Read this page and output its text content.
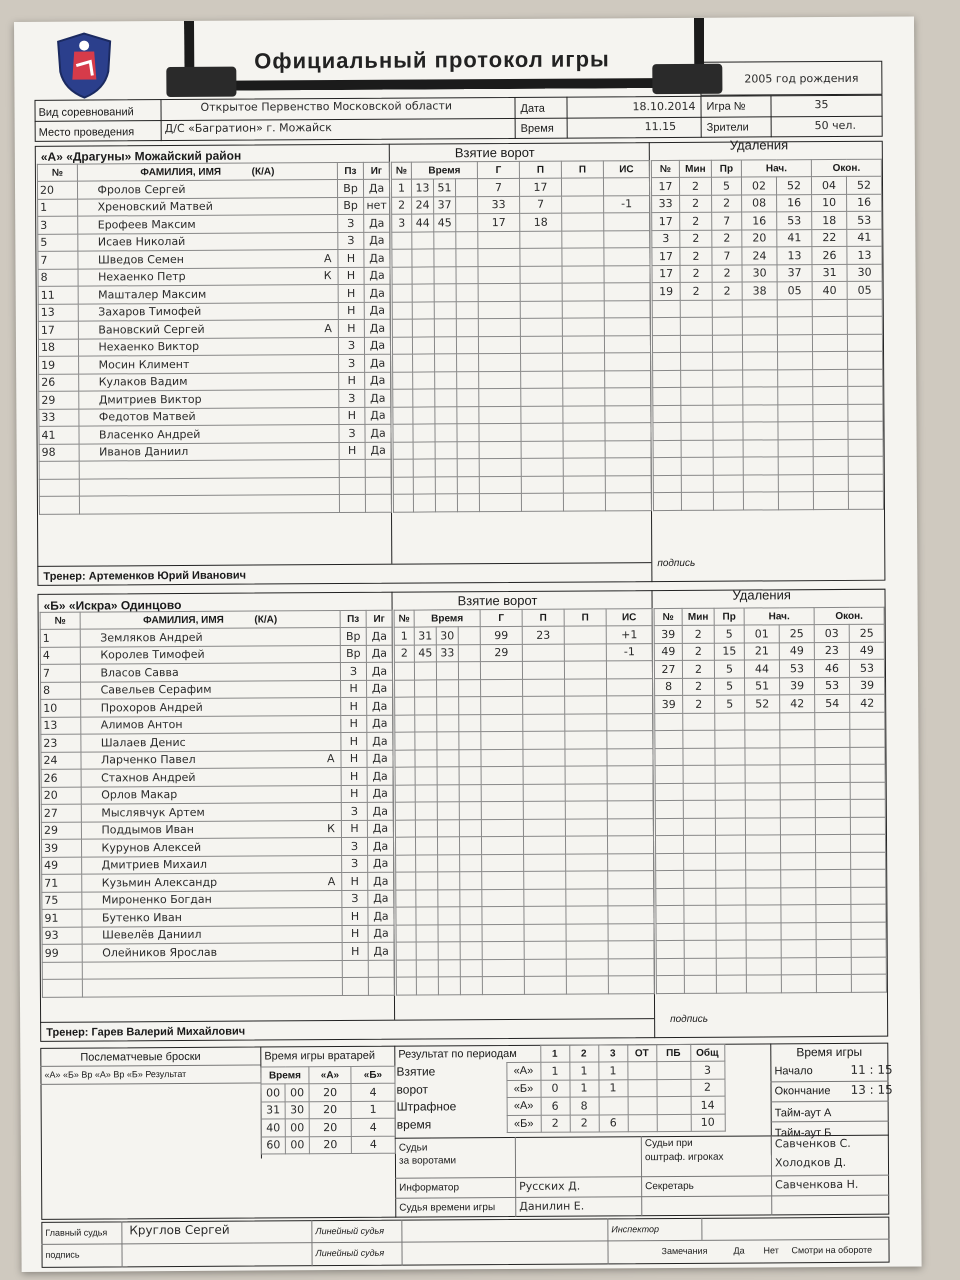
Официальный протокол игры
2005 год рождения
Вид соревнований	Открытое Первенство Московской области
Место проведения	Д/С «Багратион» г. Можайск
Дата	18.10.2014
Время	11.15
Игра №	35
Зрители	50 чел.
«А» «Драгуны» Можайский район	Взятие ворот	Удаления
Тренер: Артеменков Юрий Иванович
подпись
№	ФАМИЛИЯ, ИМЯ (К/А)	Пз	Иг
20	Фролов Сергей	Вр	Да
1	Хреновский Матвей	Вр	нет
3	Ерофеев Максим	З	Да
5	Исаев Николай	З	Да
7	Шведов Семен А	Н	Да
8	Нехаенко Петр К	Н	Да
11	Машталер Максим	Н	Да
13	Захаров Тимофей	Н	Да
17	Вановский Сергей А	Н	Да
18	Нехаенко Виктор	З	Да
19	Мосин Климент	З	Да
26	Кулаков Вадим	Н	Да
29	Дмитриев Виктор	З	Да
33	Федотов Матвей	Н	Да
41	Власенко Андрей	З	Да
98	Иванов Даниил	Н	Да

№	Время			Г	П	П	ИС
1	13	51		7	17		
2	24	37		33	7		-1
3	44	45		17	18		

№	Мин	Пр	Нач.		Окон.	
17	2	5	02	52	04	52
33	2	2	08	16	10	16
17	2	7	16	53	18	53
3	2	2	20	41	22	41
17	2	7	24	13	26	13
17	2	2	30	37	31	30
19	2	2	38	05	40	05

«Б» «Искра» Одинцово	Взятие ворот	Удаления
Тренер: Гарев Валерий Михайлович
подпись
№	ФАМИЛИЯ, ИМЯ (К/А)	Пз	Иг
1	Земляков Андрей	Вр	Да
4	Королев Тимофей	Вр	Да
7	Власов Савва	З	Да
8	Савельев Серафим	Н	Да
10	Прохоров Андрей	Н	Да
13	Алимов Антон	Н	Да
23	Шалаев Денис	Н	Да
24	Ларченко Павел А	Н	Да
26	Стахнов Андрей	Н	Да
20	Орлов Макар	Н	Да
27	Мыслявчук Артем	З	Да
29	Поддымов Иван К	Н	Да
39	Курунов Алексей	З	Да
49	Дмитриев Михаил	З	Да
71	Кузьмин Александр А	Н	Да
75	Мироненко Богдан	З	Да
91	Бутенко Иван	Н	Да
93	Шевелёв Даниил	Н	Да
99	Олейников Ярослав	Н	Да

№	Время			Г	П	П	ИС
1	31	30		99	23		+1
2	45	33		29			-1

№	Мин	Пр	Нач.		Окон.	
39	2	5	01	25	03	25
49	2	15	21	49	23	49
27	2	5	44	53	46	53
8	2	5	51	39	53	39
39	2	5	52	42	54	42

Послематчевые броски
«А» «Б» Вр «А» Вр «Б» Результат
Время игры вратарей
Время		«А»	«Б»
00	00	20	4
31	30	20	1
40	00	20	4
60	00	20	4
Результат по периодам
			1	2	3	ОТ	ПБ	Общ	
Взятие	«А»	1	1	1			3	
ворот	«Б»	0	1	1			2	
Штрафное	«А»	6	8				14	
время	«Б»	2	2	6			10	
Время игры
Начало	11 : 15
Окончание 13 : 15
Тайм-аут А
Тайм-аут Б
Судьи
за воротами
Судьи при
оштраф. игроках
Савченков С.
Холодков Д.
Информатор	Русских Д.	Секретарь	Савченкова Н.
Судья времени игры Данилин Е.
Главный судья Круглов Сергей
подпись
Линейный судья
Линейный судья
Инспектор
Замечания	Да Нет Смотри на обороте
